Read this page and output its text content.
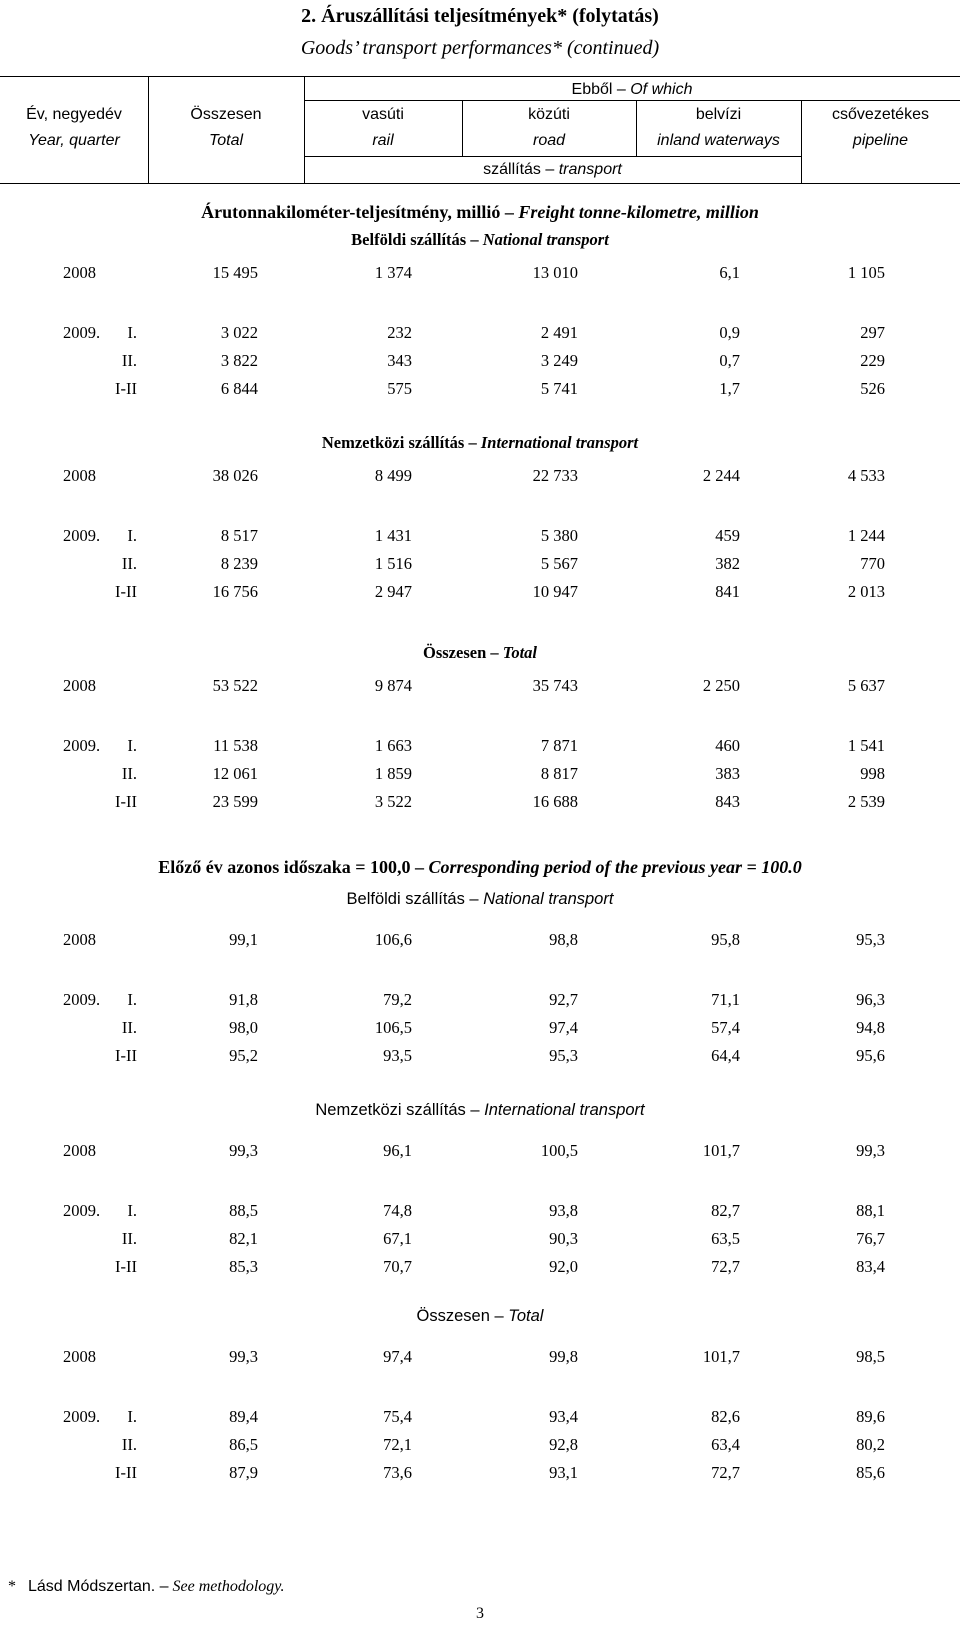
2. Áruszállítási teljesítmények* (folytatás)
Goods’ transport performances* (continued)
Ebből – Of which
Év, negyedév
Year, quarter
Összesen
Total
vasúti
rail
közúti
road
belvízi
inland waterways
csővezetékes
pipeline
szállítás – transport
Árutonnakilométer-teljesítmény, millió – Freight tonne-kilometre, million
Belföldi szállítás – National transport
2008	15 495	1 374	13 010	6,1	1 105
2009. I.	3 022	232	2 491	0,9	297
II.	3 822	343	3 249	0,7	229
I-II	6 844	575	5 741	1,7	526
Nemzetközi szállítás – International transport
2008	38 026	8 499	22 733	2 244	4 533
2009. I.	8 517	1 431	5 380	459	1 244
II.	8 239	1 516	5 567	382	770
I-II	16 756	2 947	10 947	841	2 013
Összesen – Total
2008	53 522	9 874	35 743	2 250	5 637
2009. I.	11 538	1 663	7 871	460	1 541
II.	12 061	1 859	8 817	383	998
I-II	23 599	3 522	16 688	843	2 539
Belföldi szállítás – National transport
2008	99,1	106,6	98,8	95,8	95,3
2009. I.	91,8	79,2	92,7	71,1	96,3
II.	98,0	106,5	97,4	57,4	94,8
I-II	95,2	93,5	95,3	64,4	95,6
Nemzetközi szállítás – International transport
2008	99,3	96,1	100,5	101,7	99,3
2009. I.	88,5	74,8	93,8	82,7	88,1
II.	82,1	67,1	90,3	63,5	76,7
I-II	85,3	70,7	92,0	72,7	83,4
Összesen – Total
2008	99,3	97,4	99,8	101,7	98,5
2009. I.	89,4	75,4	93,4	82,6	89,6
II.	86,5	72,1	92,8	63,4	80,2
I-II	87,9	73,6	93,1	72,7	85,6
Előző év azonos időszaka = 100,0 – Corresponding period of the previous year = 100.0
* Lásd Módszertan. – See methodology.
3
